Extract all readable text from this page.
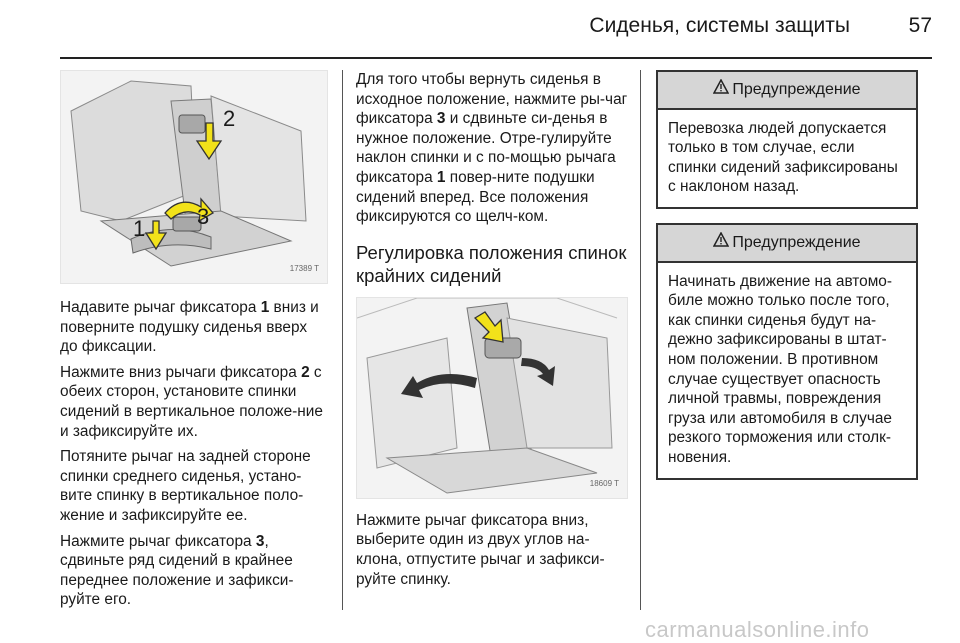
Сиденья, системы защиты	57
1
2
3
17389 T

Надавите рычаг фиксатора 1 вниз и поверните подушку сиденья вверх до фиксации.

Нажмите вниз рычаги фиксатора 2 с обеих сторон, установите спинки сидений в вертикальное положе-ние и зафиксируйте их.

Потяните рычаг на задней стороне спинки среднего сиденья, устано-вите спинку в вертикальное поло-жение и зафиксируйте ее.

Нажмите рычаг фиксатора 3, сдвиньте ряд сидений в крайнее переднее положение и зафикси-руйте его.

Для того чтобы вернуть сиденья в исходное положение, нажмите ры-чаг фиксатора 3 и сдвиньте си-денья в нужное положение. Отре-гулируйте наклон спинки и с по-мощью рычага фиксатора 1 повер-ните подушки сидений вперед. Все положения фиксируются со щелч-ком.

Регулировка положения спинок крайних сидений
18609 T

Нажмите рычаг фиксатора вниз, выберите один из двух углов на-клона, отпустите рычаг и зафикси-руйте спинку.

Предупреждение
Перевозка людей допускается только в том случае, если спинки сидений зафиксированы с наклоном назад.
Предупреждение
Начинать движение на автомо-биле можно только после того, как спинки сиденья будут на-дежно зафиксированы в штат-ном положении. В противном случае существует опасность личной травмы, повреждения груза или автомобиля в случае резкого торможения или столк-новения.
carmanualsonline.info
